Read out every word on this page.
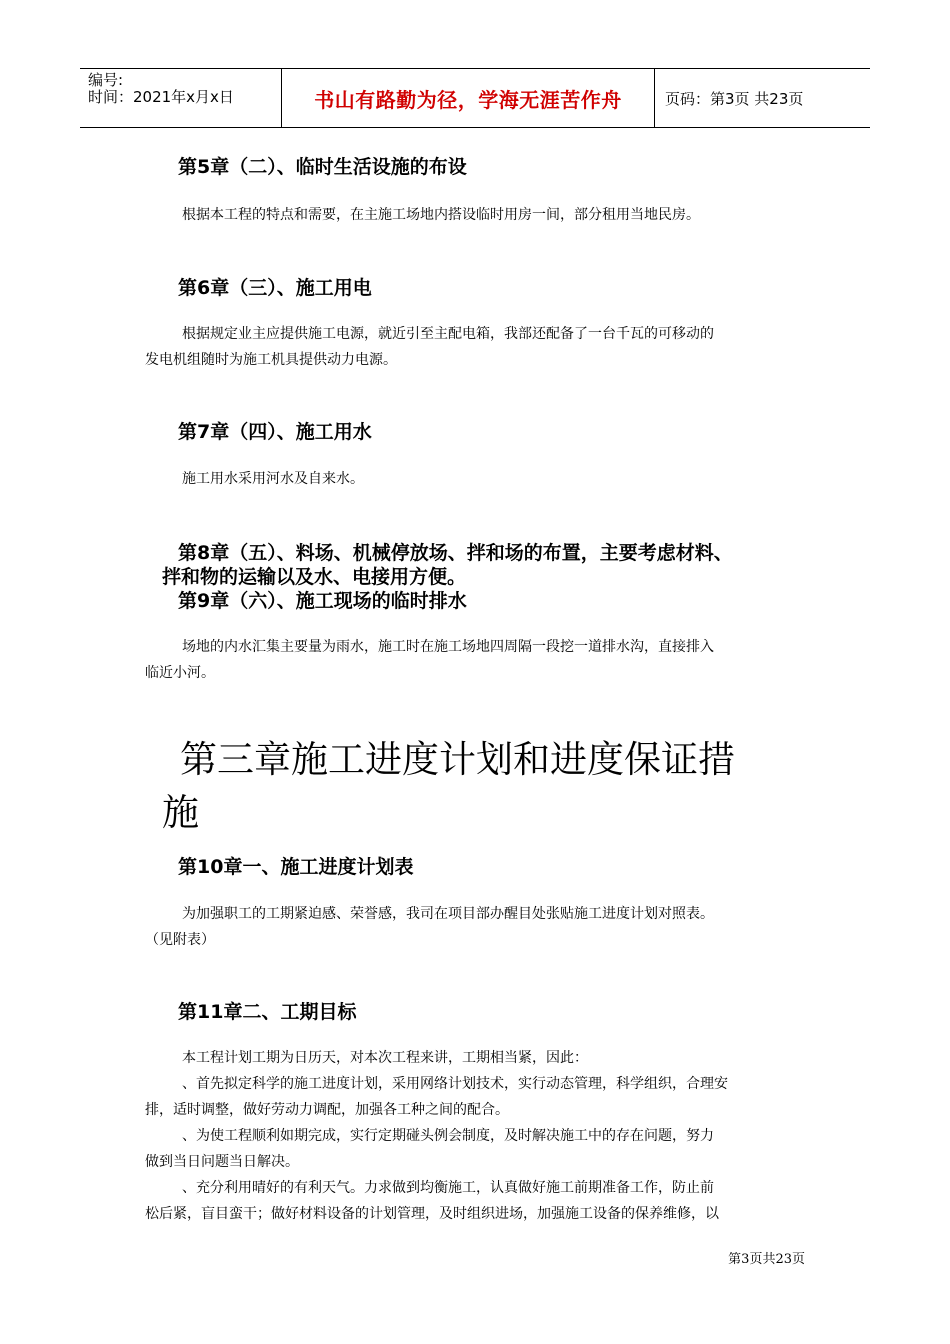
编号:
时间：2021年x月x日	书山有路勤为径，学海无涯苦作舟	页码：第3页 共23页
第5章（二）、临时生活设施的布设
根据本工程的特点和需要，在主施工场地内搭设临时用房一间，部分租用当地民房。
第6章（三）、施工用电
根据规定业主应提供施工电源，就近引至主配电箱，我部还配备了一台千瓦的可移动的
发电机组随时为施工机具提供动力电源。
第7章（四）、施工用水
施工用水采用河水及自来水。
第8章（五）、料场、机械停放场、拌和场的布置，主要考虑材料、
拌和物的运输以及水、电接用方便。
第9章（六）、施工现场的临时排水
场地的内水汇集主要量为雨水，施工时在施工场地四周隔一段挖一道排水沟，直接排入
临近小河。
第三章施工进度计划和进度保证措
施
第10章一、施工进度计划表
为加强职工的工期紧迫感、荣誉感，我司在项目部办醒目处张贴施工进度计划对照表。
（见附表）
第11章二、工期目标
本工程计划工期为日历天，对本次工程来讲，工期相当紧，因此：
、首先拟定科学的施工进度计划，采用网络计划技术，实行动态管理，科学组织，合理安
排，适时调整，做好劳动力调配，加强各工种之间的配合。
、为使工程顺利如期完成，实行定期碰头例会制度，及时解决施工中的存在问题，努力
做到当日问题当日解决。
、充分利用晴好的有利天气。力求做到均衡施工，认真做好施工前期准备工作，防止前
松后紧，盲目蛮干；做好材料设备的计划管理，及时组织进场，加强施工设备的保养维修，以
第3页共23页
